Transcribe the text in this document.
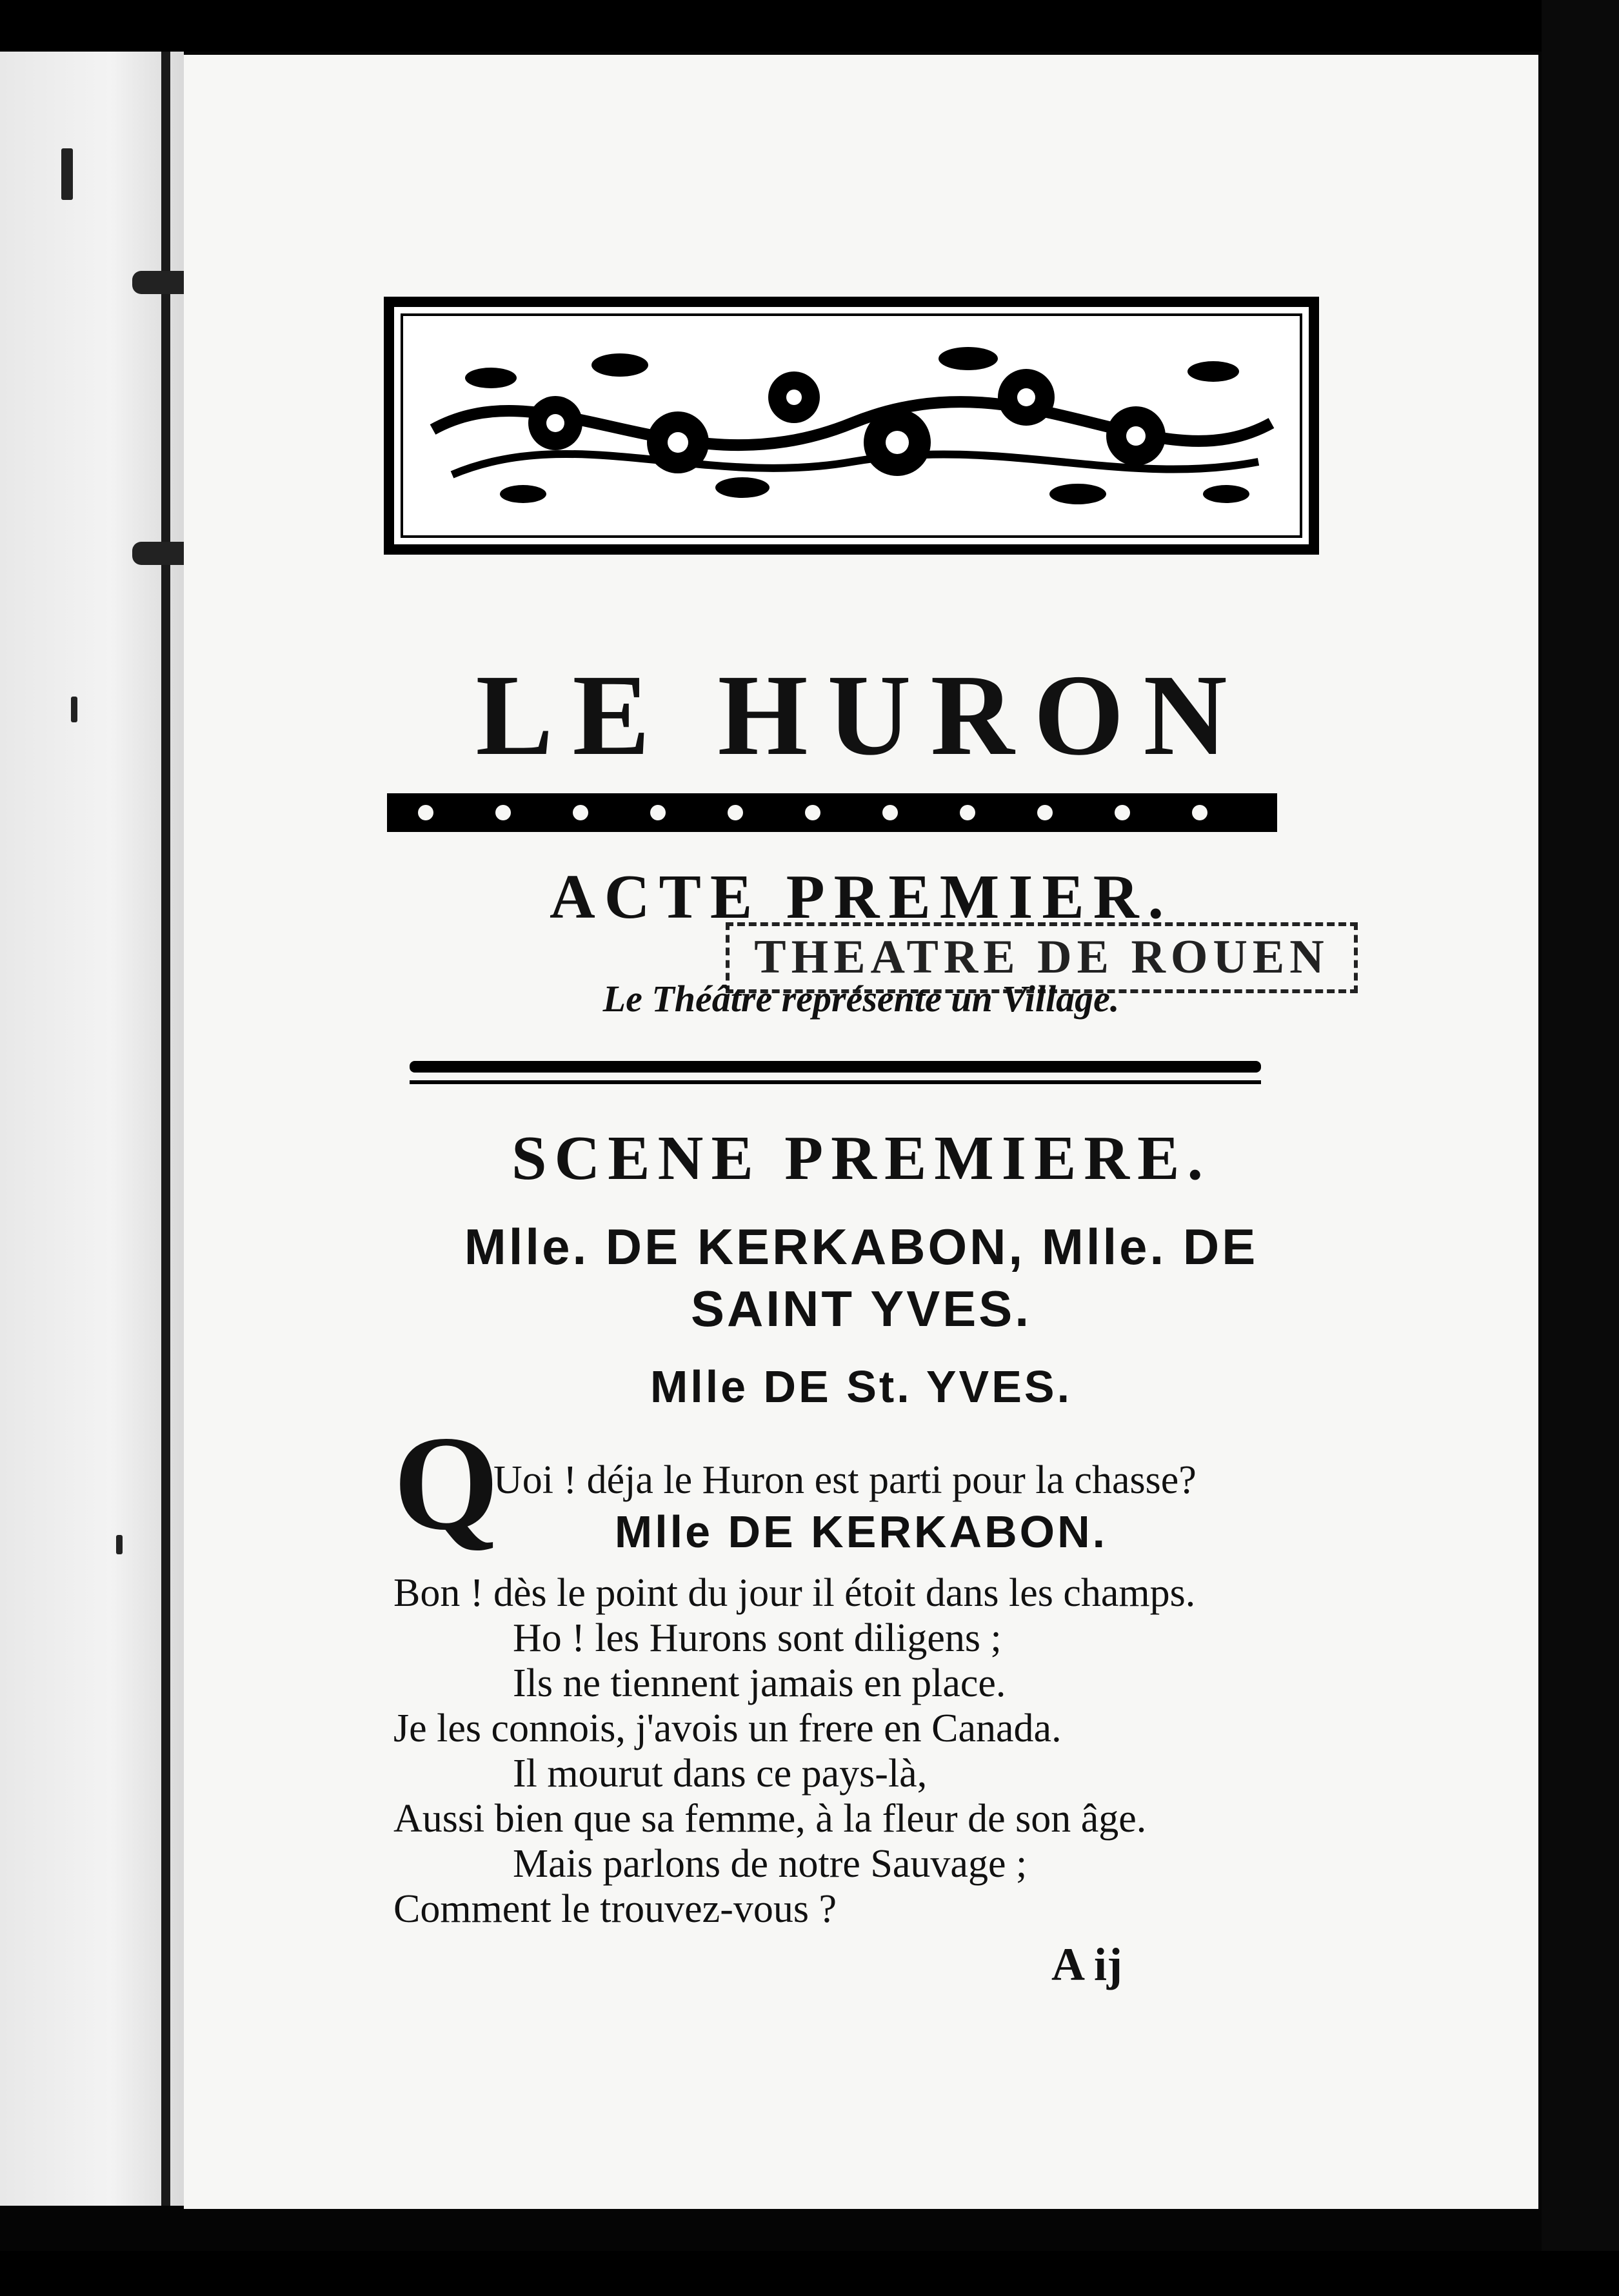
LE HURON
ACTE PREMIER.
THEATRE DE ROUEN
Le Théâtre représente un Village.
SCENE PREMIERE.
Mlle. DE KERKABON, Mlle. DE SAINT YVES.
Mlle DE St. YVES.
Q
Uoi ! déja le Huron est parti pour la chasse?
Mlle DE KERKABON.
Bon ! dès le point du jour il étoit dans les champs.
Ho ! les Hurons sont diligens ;
Ils ne tiennent jamais en place.
Je les connois, j'avois un frere en Canada.
Il mourut dans ce pays-là,
Aussi bien que sa femme, à la fleur de son âge.
Mais parlons de notre Sauvage ;
Comment le trouvez-vous ?
A ij
